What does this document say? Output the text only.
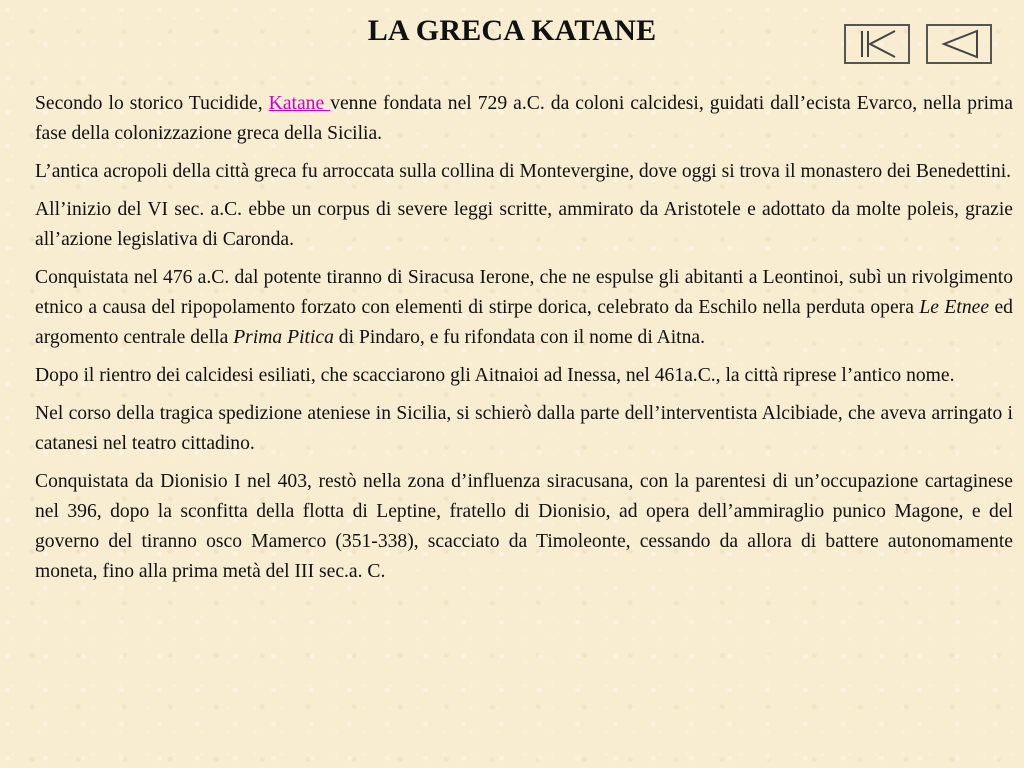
LA GRECA KATANE

Secondo lo storico Tucidide, Katane venne fondata nel 729 a.C. da coloni calcidesi, guidati dall’ecista Evarco, nella prima fase della colonizzazione greca della Sicilia.

L’antica acropoli della città greca fu arroccata sulla collina di Montevergine, dove oggi si trova il monastero dei Benedettini.

All’inizio del VI sec. a.C. ebbe un corpus di severe leggi scritte, ammirato da Aristotele e adottato da molte poleis, grazie all’azione legislativa di Caronda.

Conquistata nel 476 a.C. dal potente tiranno di Siracusa Ierone, che ne espulse gli abitanti a Leontinoi, subì un rivolgimento etnico a causa del ripopolamento forzato con elementi di stirpe dorica, celebrato da Eschilo nella perduta opera Le Etnee ed argomento centrale della Prima Pitica di Pindaro, e fu rifondata con il nome di Aitna.

Dopo il rientro dei calcidesi esiliati, che scacciarono gli Aitnaioi ad Inessa, nel 461a.C., la città riprese l’antico nome.

Nel corso della tragica spedizione ateniese in Sicilia, si schierò dalla parte dell’interventista Alcibiade, che aveva arringato i catanesi nel teatro cittadino.

Conquistata da Dionisio I nel 403, restò nella zona d’influenza siracusana, con la parentesi di un’occupazione cartaginese nel 396, dopo la sconfitta della flotta di Leptine, fratello di Dionisio, ad opera dell’ammiraglio punico Magone, e del governo del tiranno osco Mamerco (351-338), scacciato da Timoleonte, cessando da allora di battere autonomamente moneta, fino alla prima metà del III sec.a. C.
